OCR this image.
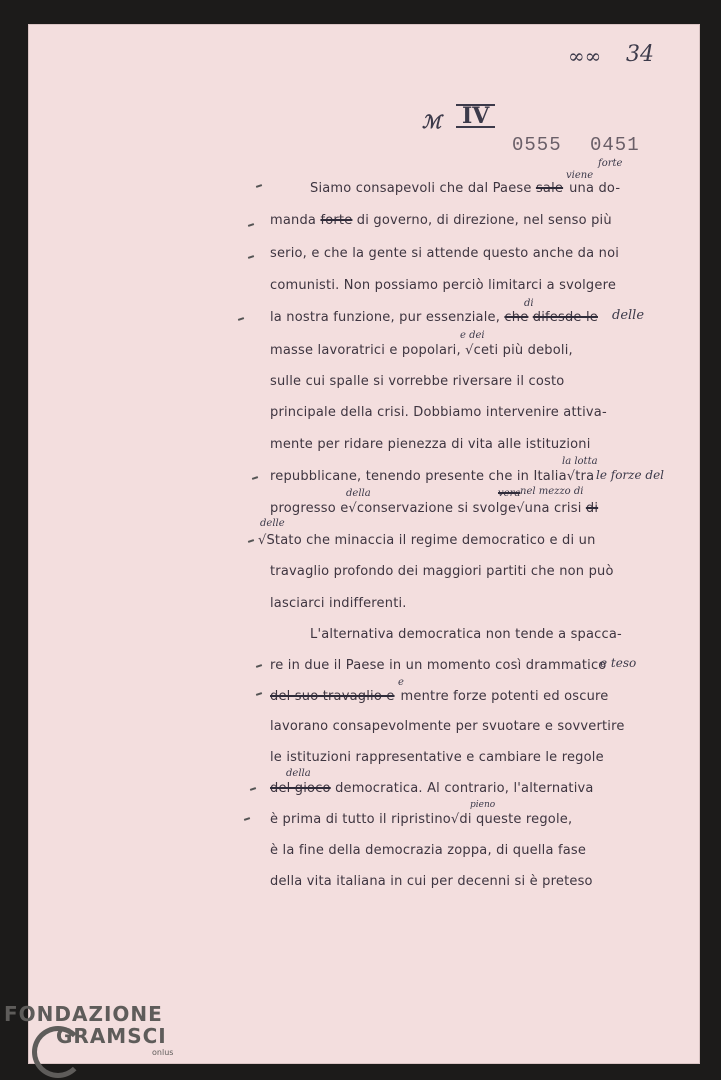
∞∞ 34
ℳ IV
0555 0451
Siamo consapevoli che dal Paese sale una do-
viene
forte
manda forte di governo, di direzione, nel senso più
serio, e che la gente si attende questo anche da noi
comunisti. Non possiamo perciò limitarci a svolgere
la nostra funzione, pur essenziale, che difesde le
di
delle
masse lavoratrici e popolari, √ceti più deboli,
e dei
sulle cui spalle si vorrebbe riversare il costo
principale della crisi. Dobbiamo intervenire attiva-
mente per ridare pienezza di vita alle istituzioni
repubblicane, tenendo presente che in Italia√tra
la lotta
le forze del
progresso e√conservazione si svolge√una crisi di
della	vera nel mezzo di
delle
√Stato che minaccia il regime democratico e di un
travaglio profondo dei maggiori partiti che non può
lasciarci indifferenti.
L'alternativa democratica non tende a spacca-
re in due il Paese in un momento così drammatico
e teso
del suo travaglio e mentre forze potenti ed oscure
e
lavorano consapevolmente per svuotare e sovvertire
le istituzioni rappresentative e cambiare le regole
della
del gioco democratica. Al contrario, l'alternativa
è prima di tutto il ripristino√di queste regole,
pieno
è la fine della democrazia zoppa, di quella fase
della vita italiana in cui per decenni si è preteso
FONDAZIONE
GRAMSCI
onlus
